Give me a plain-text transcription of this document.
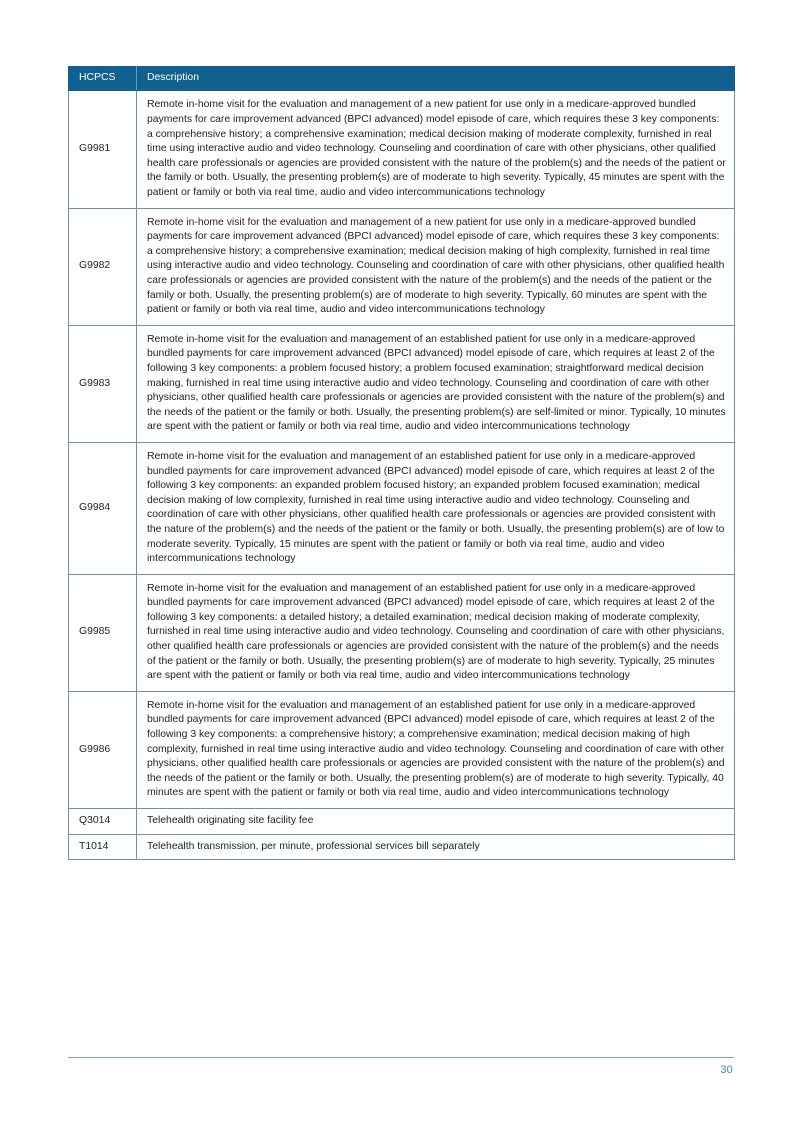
HCPCS	Description
G9981	Remote in-home visit for the evaluation and management of a new patient for use only in a medicare-approved bundled payments for care improvement advanced (BPCI advanced) model episode of care, which requires these 3 key components: a comprehensive history; a comprehensive examination; medical decision making of moderate complexity, furnished in real time using interactive audio and video technology. Counseling and coordination of care with other physicians, other qualified health care professionals or agencies are provided consistent with the nature of the problem(s) and the needs of the patient or the family or both. Usually, the presenting problem(s) are of moderate to high severity. Typically, 45 minutes are spent with the patient or family or both via real time, audio and video intercommunications technology
G9982	Remote in-home visit for the evaluation and management of a new patient for use only in a medicare-approved bundled payments for care improvement advanced (BPCI advanced) model episode of care, which requires these 3 key components: a comprehensive history; a comprehensive examination; medical decision making of high complexity, furnished in real time using interactive audio and video technology. Counseling and coordination of care with other physicians, other qualified health care professionals or agencies are provided consistent with the nature of the problem(s) and the needs of the patient or the family or both. Usually, the presenting problem(s) are of moderate to high severity. Typically, 60 minutes are spent with the patient or family or both via real time, audio and video intercommunications technology
G9983	Remote in-home visit for the evaluation and management of an established patient for use only in a medicare-approved bundled payments for care improvement advanced (BPCI advanced) model episode of care, which requires at least 2 of the following 3 key components: a problem focused history; a problem focused examination; straightforward medical decision making, furnished in real time using interactive audio and video technology. Counseling and coordination of care with other physicians, other qualified health care professionals or agencies are provided consistent with the nature of the problem(s) and the needs of the patient or the family or both. Usually, the presenting problem(s) are self-limited or minor. Typically, 10 minutes are spent with the patient or family or both via real time, audio and video intercommunications technology
G9984	Remote in-home visit for the evaluation and management of an established patient for use only in a medicare-approved bundled payments for care improvement advanced (BPCI advanced) model episode of care, which requires at least 2 of the following 3 key components: an expanded problem focused history; an expanded problem focused examination; medical decision making of low complexity, furnished in real time using interactive audio and video technology. Counseling and coordination of care with other physicians, other qualified health care professionals or agencies are provided consistent with the nature of the problem(s) and the needs of the patient or the family or both. Usually, the presenting problem(s) are of low to moderate severity. Typically, 15 minutes are spent with the patient or family or both via real time, audio and video intercommunications technology
G9985	Remote in-home visit for the evaluation and management of an established patient for use only in a medicare-approved bundled payments for care improvement advanced (BPCI advanced) model episode of care, which requires at least 2 of the following 3 key components: a detailed history; a detailed examination; medical decision making of moderate complexity, furnished in real time using interactive audio and video technology. Counseling and coordination of care with other physicians, other qualified health care professionals or agencies are provided consistent with the nature of the problem(s) and the needs of the patient or the family or both. Usually, the presenting problem(s) are of moderate to high severity. Typically, 25 minutes are spent with the patient or family or both via real time, audio and video intercommunications technology
G9986	Remote in-home visit for the evaluation and management of an established patient for use only in a medicare-approved bundled payments for care improvement advanced (BPCI advanced) model episode of care, which requires at least 2 of the following 3 key components: a comprehensive history; a comprehensive examination; medical decision making of high complexity, furnished in real time using interactive audio and video technology. Counseling and coordination of care with other physicians, other qualified health care professionals or agencies are provided consistent with the nature of the problem(s) and the needs of the patient or the family or both. Usually, the presenting problem(s) are of moderate to high severity. Typically, 40 minutes are spent with the patient or family or both via real time, audio and video intercommunications technology
Q3014	Telehealth originating site facility fee
T1014	Telehealth transmission, per minute, professional services bill separately
30
